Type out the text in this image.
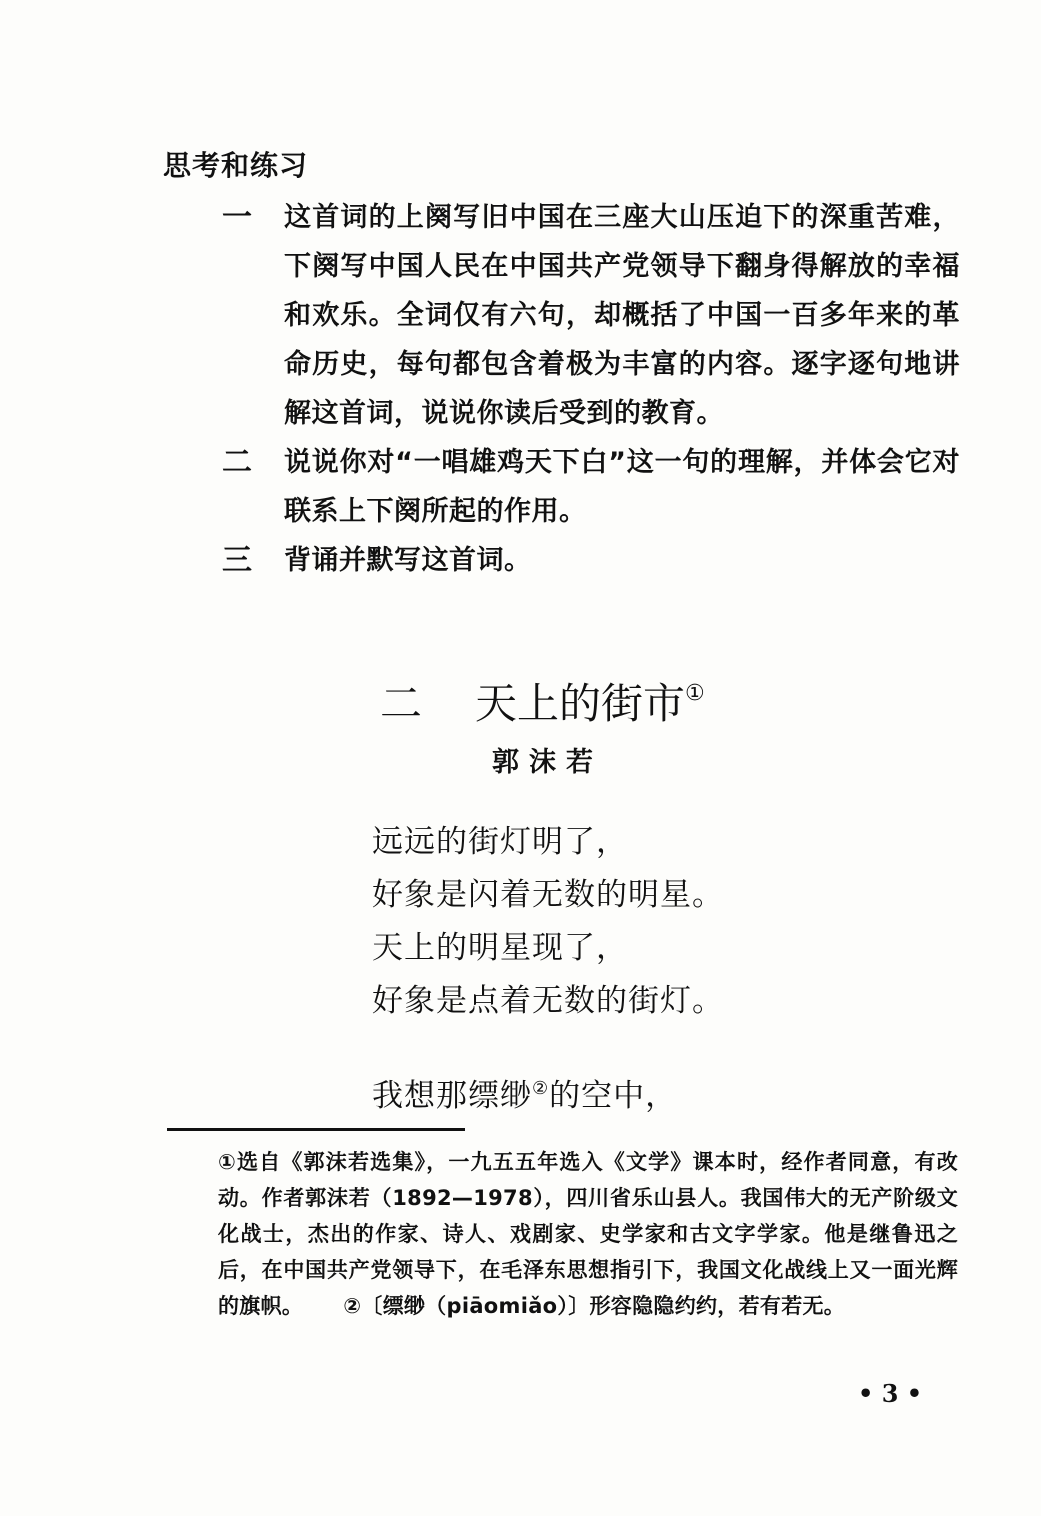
思考和练习
一	这首词的上阕写旧中国在三座大山压迫下的深重苦难，下阕写中国人民在中国共产党领导下翻身得解放的幸福和欢乐。全词仅有六句，却概括了中国一百多年来的革命历史，每句都包含着极为丰富的内容。逐字逐句地讲解这首词，说说你读后受到的教育。
二	说说你对“一唱雄鸡天下白”这一句的理解，并体会它对联系上下阕所起的作用。
三	背诵并默写这首词。
二 天上的街市①
郭沫若
远远的街灯明了，
好象是闪着无数的明星。
天上的明星现了，
好象是点着无数的街灯。
我想那缥缈②的空中，
①选自《郭沫若选集》，一九五五年选入《文学》课本时，经作者同意，有改动。作者郭沫若（1892—1978），四川省乐山县人。我国伟大的无产阶级文化战士，杰出的作家、诗人、戏剧家、史学家和古文字学家。他是继鲁迅之后，在中国共产党领导下，在毛泽东思想指引下，我国文化战线上又一面光辉的旗帜。 ②〔缥缈（piāomiǎo）〕形容隐隐约约，若有若无。
• 3 •
